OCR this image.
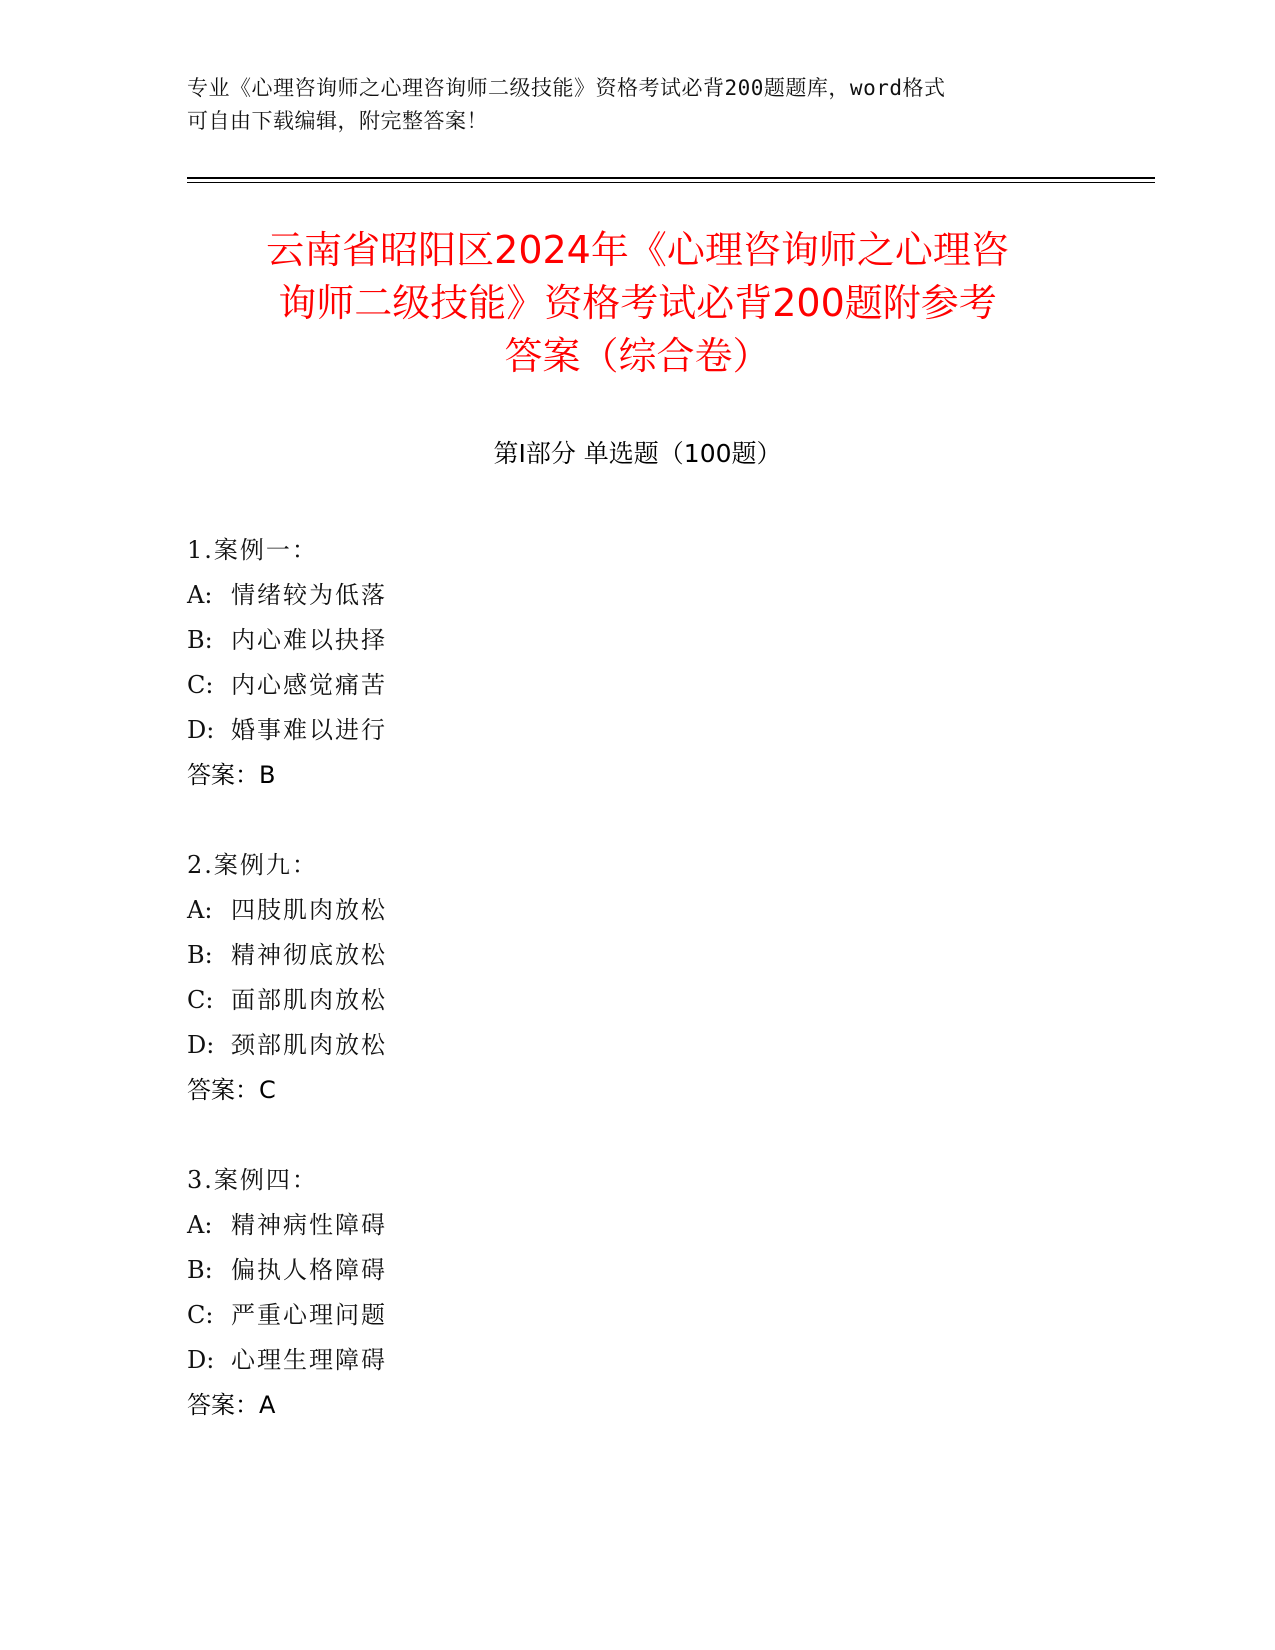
专业《心理咨询师之心理咨询师二级技能》资格考试必背200题题库，word格式
可自由下载编辑，附完整答案！
云南省昭阳区2024年《心理咨询师之心理咨
询师二级技能》资格考试必背200题附参考
答案（综合卷）
第Ⅰ部分 单选题（100题）
1.案例一：
A: 情绪较为低落
B: 内心难以抉择
C: 内心感觉痛苦
D: 婚事难以进行
答案：B
2.案例九：
A: 四肢肌肉放松
B: 精神彻底放松
C: 面部肌肉放松
D: 颈部肌肉放松
答案：C
3.案例四：
A: 精神病性障碍
B: 偏执人格障碍
C: 严重心理问题
D: 心理生理障碍
答案：A
